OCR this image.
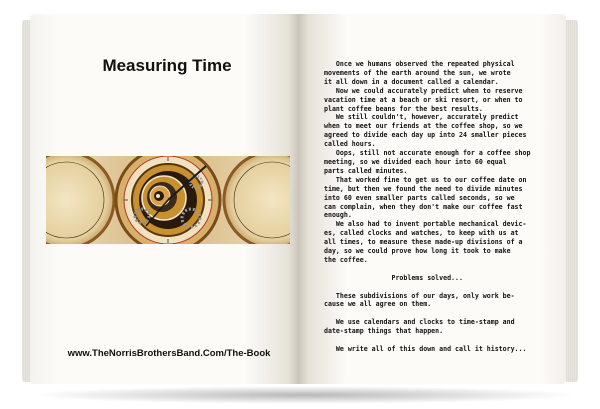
Measuring Time
www.TheNorrisBrothersBand.Com/The-Book
Once we humans observed the repeated physical
movements of the earth around the sun, we wrote
it all down in a document called a calendar.
Now we could accurately predict when to reserve
vacation time at a beach or ski resort, or when to
plant coffee beans for the best results.
We still couldn't, however, accurately predict
when to meet our friends at the coffee shop, so we
agreed to divide each day up into 24 smaller pieces
called hours.
Oops, still not accurate enough for a coffee shop
meeting, so we divided each hour into 60 equal
parts called minutes.
That worked fine to get us to our coffee date on
time, but then we found the need to divide minutes
into 60 even smaller parts called seconds, so we
can complain, when they don't make our coffee fast
enough.
We also had to invent portable mechanical devic-
es, called clocks and watches, to keep with us at
all times, to measure these made-up divisions of a
day, so we could prove how long it took to make
the coffee.

Problems solved...

These subdivisions of our days, only work be-
cause we all agree on them.

We use calendars and clocks to time-stamp and
date-stamp things that happen.

We write all of this down and call it history...
